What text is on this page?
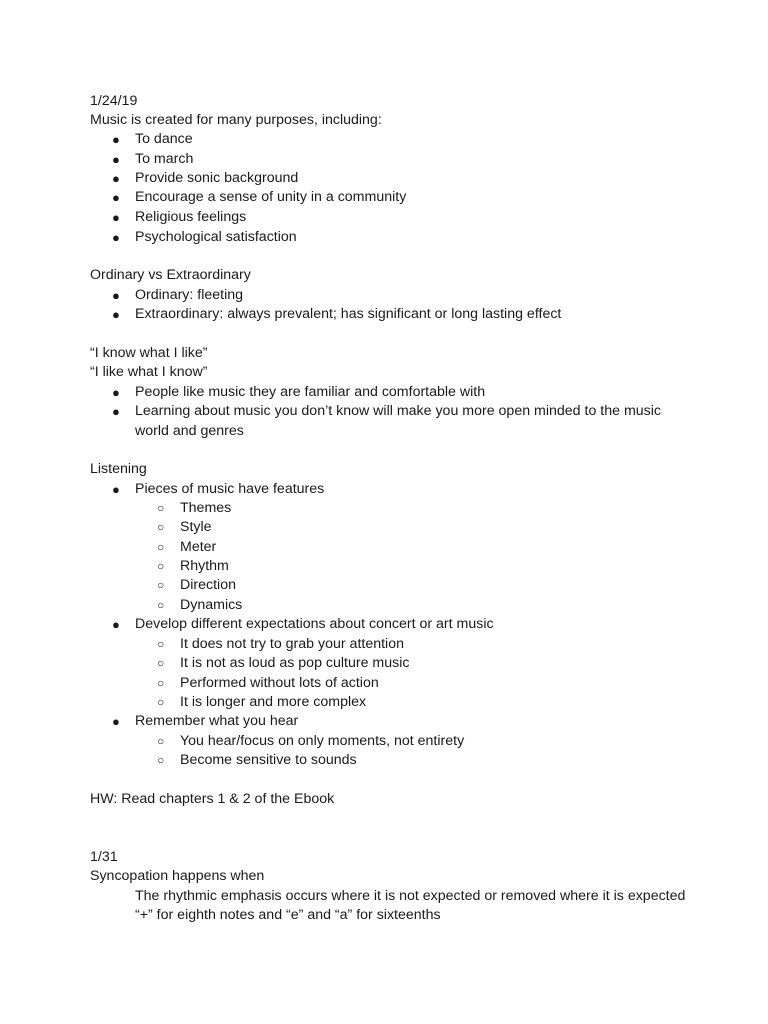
1/24/19
Music is created for many purposes, including:
● To dance
● To march
● Provide sonic background
● Encourage a sense of unity in a community
● Religious feelings
● Psychological satisfaction
Ordinary vs Extraordinary
● Ordinary: fleeting
● Extraordinary: always prevalent; has significant or long lasting effect
“I know what I like”
“I like what I know”
● People like music they are familiar and comfortable with
● Learning about music you don’t know will make you more open minded to the music
world and genres
Listening
● Pieces of music have features
○ Themes
○ Style
○ Meter
○ Rhythm
○ Direction
○ Dynamics
● Develop different expectations about concert or art music
○ It does not try to grab your attention
○ It is not as loud as pop culture music
○ Performed without lots of action
○ It is longer and more complex
● Remember what you hear
○ You hear/focus on only moments, not entirety
○ Become sensitive to sounds
HW: Read chapters 1 & 2 of the Ebook
1/31
Syncopation happens when
The rhythmic emphasis occurs where it is not expected or removed where it is expected
“+” for eighth notes and “e” and “a” for sixteenths
